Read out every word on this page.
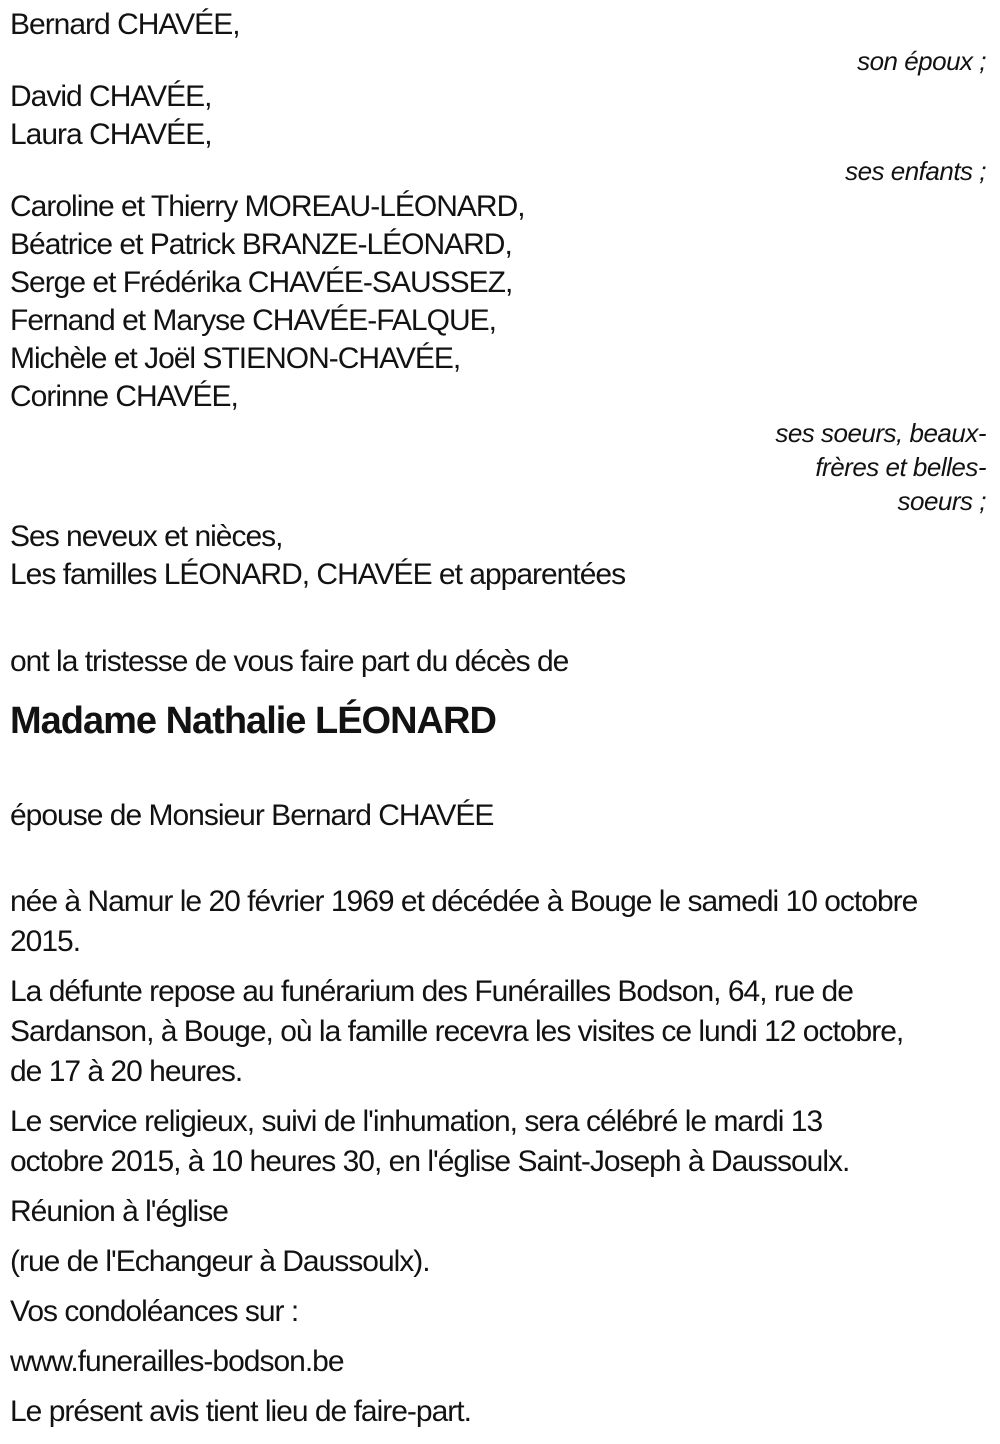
Bernard CHAVÉE,
son époux ;
David CHAVÉE,
Laura CHAVÉE,
ses enfants ;
Caroline et Thierry MOREAU-LÉONARD,
Béatrice et Patrick BRANZE-LÉONARD,
Serge et Frédérika CHAVÉE-SAUSSEZ,
Fernand et Maryse CHAVÉE-FALQUE,
Michèle et Joël STIENON-CHAVÉE,
Corinne CHAVÉE,
ses soeurs, beaux-
frères et belles-
soeurs ;
Ses neveux et nièces,
Les familles LÉONARD, CHAVÉE et apparentées
ont la tristesse de vous faire part du décès de
Madame Nathalie LÉONARD
épouse de Monsieur Bernard CHAVÉE
née à Namur le 20 février 1969 et décédée à Bouge le samedi 10 octobre
2015.
La défunte repose au funérarium des Funérailles Bodson, 64, rue de
Sardanson, à Bouge, où la famille recevra les visites ce lundi 12 octobre,
de 17 à 20 heures.
Le service religieux, suivi de l'inhumation, sera célébré le mardi 13
octobre 2015, à 10 heures 30, en l'église Saint-Joseph à Daussoulx.
Réunion à l'église
(rue de l'Echangeur à Daussoulx).
Vos condoléances sur :
www.funerailles-bodson.be
Le présent avis tient lieu de faire-part.
